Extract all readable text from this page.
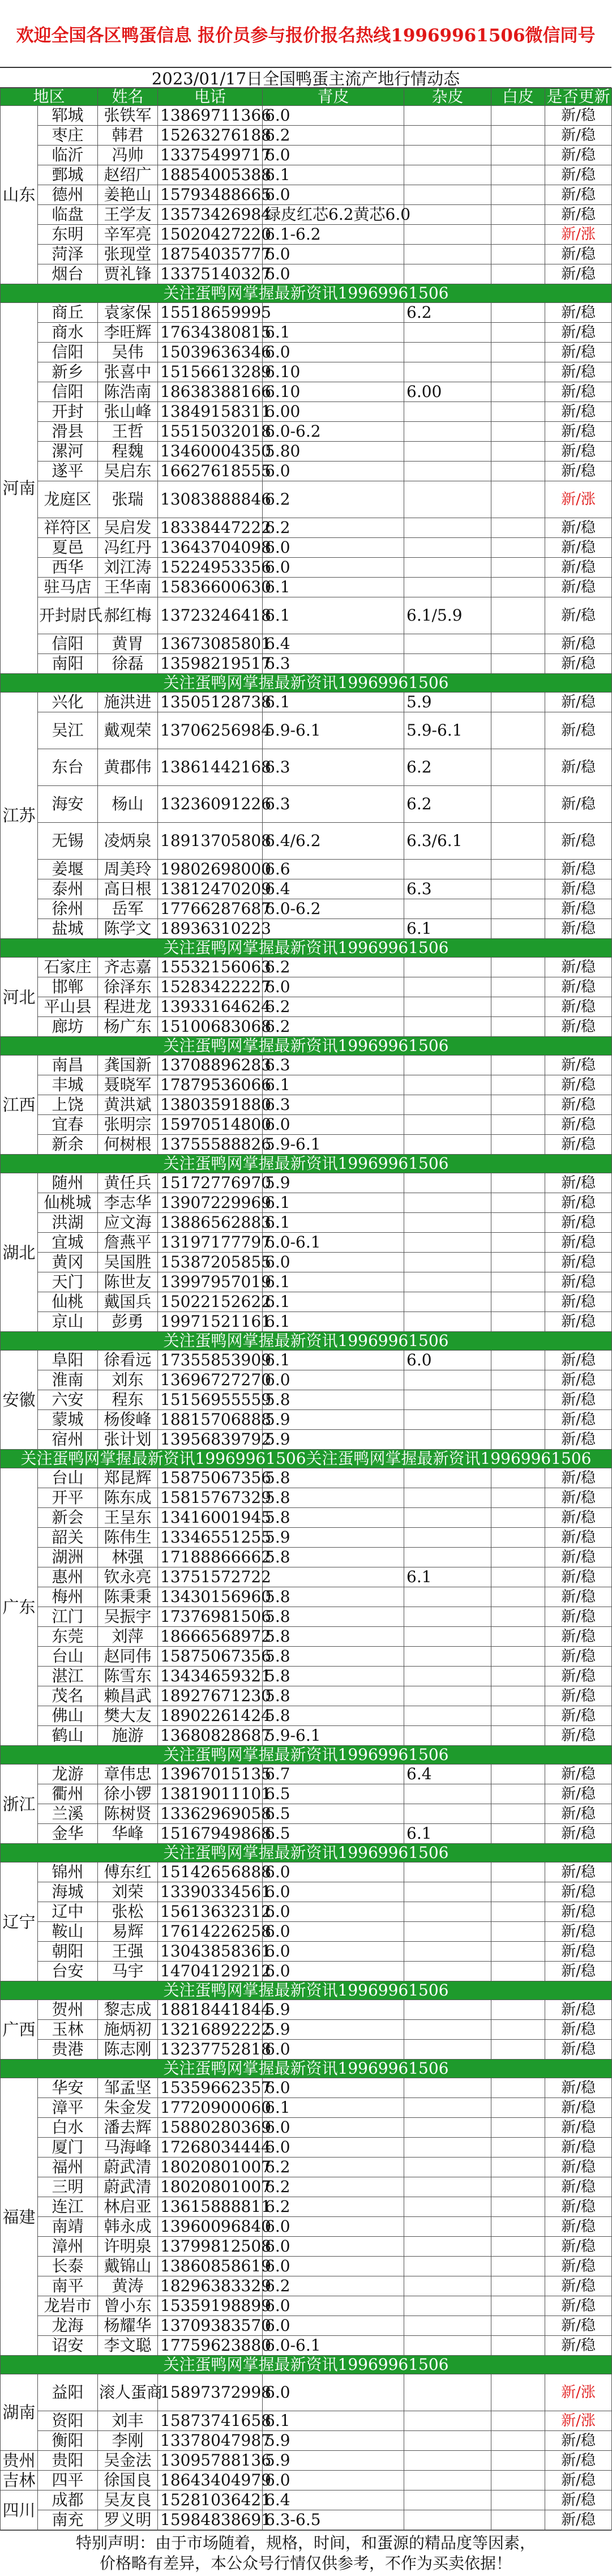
欢迎全国各区鸭蛋信息 报价员参与报价报名热线19969961506微信同号
2023/01/17日全国鸭蛋主流产地行情动态
地区		姓名	电话	青皮	杂皮	白皮	是否更新
山东	郓城	张铁军	13869711366	6.0			新/稳
	枣庄	韩君	15263276188	6.2			新/稳
	临沂	冯帅	13375499717	6.0			新/稳
	鄄城	赵绍广	18854005388	6.1			新/稳
	德州	姜艳山	15793488665	6.0			新/稳
	临盘	王学友	13573426984	绿皮红芯6.2黄芯6.0			新/稳
	东明	辛军亮	15020427220	6.1-6.2			新/涨
	菏泽	张现堂	18754035777	6.0			新/稳
	烟台	贾礼锋	13375140327	6.0			新/稳
关注蛋鸭网掌握最新资讯19969961506							
河南	商丘	袁家保	15518659995		6.2		新/稳
	商水	李旺辉	17634380815	6.1			新/稳
	信阳	吴伟	15039636346	6.0			新/稳
	新乡	张喜中	15156613289	6.10			新/稳
	信阳	陈浩南	18638388166	6.10	6.00		新/稳
	开封	张山峰	13849158311	6.00			新/稳
	滑县	王哲	15515032018	6.0-6.2			新/稳
	漯河	程魏	13460004350	5.80			新/稳
	遂平	吴启东	16627618555	6.0			新/稳
	龙庭区	张瑞	13083888846	6.2			新/涨
	祥符区	吴启发	18338447222	6.2			新/稳
	夏邑	冯红丹	13643704098	6.0			新/稳
	西华	刘江涛	15224953356	6.0			新/稳
	驻马店	王华南	15836600630	6.1			新/稳
	开封尉氏	郝红梅	13723246418	6.1	6.1/5.9		新/稳
	信阳	黄胃	13673085801	6.4			新/稳
	南阳	徐磊	13598219517	6.3			新/稳
关注蛋鸭网掌握最新资讯19969961506							
江苏	兴化	施洪进	13505128738	6.1	5.9		新/稳
	吴江	戴观荣	13706256984	5.9-6.1	5.9-6.1		新/稳
	东台	黄郡伟	13861442168	6.3	6.2		新/稳
	海安	杨山	13236091226	6.3	6.2		新/稳
	无锡	凌炳泉	18913705808	6.4/6.2	6.3/6.1		新/稳
	姜堰	周美玲	19802698000	6.6			新/稳
	泰州	高日根	13812470209	6.4	6.3		新/稳
	徐州	岳军	17766287687	6.0-6.2			新/稳
	盐城	陈学文	18936310223		6.1		新/稳
关注蛋鸭网掌握最新资讯19969961506							
河北	石家庄	齐志嘉	15532156063	6.2			新/稳
	邯郸	徐泽东	15283422227	6.0			新/稳
	平山县	程进龙	13933164624	6.2			新/稳
	廊坊	杨广东	15100683068	6.2			新/稳
关注蛋鸭网掌握最新资讯19969961506							
江西	南昌	龚国新	13708896283	6.3			新/稳
	丰城	聂晓军	17879536066	6.1			新/稳
	上饶	黄洪斌	13803591880	6.3			新/稳
	宜春	张明宗	15970514800	6.0			新/稳
	新余	何树根	13755588826	5.9-6.1			新/稳
关注蛋鸭网掌握最新资讯19969961506							
湖北	随州	黄任兵	15172776970	5.9			新/稳
	仙桃城	李志华	13907229969	6.1			新/稳
	洪湖	应文海	13886562883	6.1			新/稳
	宜城	詹燕平	13197177797	6.0-6.1			新/稳
	黄冈	吴国胜	15387205855	6.0			新/稳
	天门	陈世友	13997957019	6.1			新/稳
	仙桃	戴国兵	15022152622	6.1			新/稳
	京山	彭勇	19971521161	6.1			新/稳
关注蛋鸭网掌握最新资讯19969961506							
安徽	阜阳	徐看远	17355853909	6.1	6.0		新/稳
	淮南	刘东	13696727270	6.0			新/稳
	六安	程东	15156955559	5.8			新/稳
	蒙城	杨俊峰	18815706888	5.9			新/稳
	宿州	张计划	13956839792	5.9			新/稳
关注蛋鸭网掌握最新资讯19969961506关注蛋鸭网掌握最新资讯19969961506							
广东	台山	郑昆辉	15875067356	5.8			新/稳
	开平	陈东成	15815767329	5.8			新/稳
	新会	王呈东	13416001945	5.8			新/稳
	韶关	陈伟生	13346551255	5.9			新/稳
	湖洲	林强	17188866662	5.8			新/稳
	惠州	钦永亮	13751572722		6.1		新/稳
	梅州	陈秉秉	13430156960	5.8			新/稳
	江门	吴振宇	17376981506	5.8			新/稳
	东莞	刘萍	18666568972	5.8			新/稳
	台山	赵同伟	15875067356	5.8			新/稳
	湛江	陈雪东	13434659321	5.8			新/稳
	茂名	赖昌武	18927671230	5.8			新/稳
	佛山	樊大友	18902261424	5.8			新/稳
	鹤山	施游	13680828687	5.9-6.1			新/稳
关注蛋鸭网掌握最新资讯19969961506							
浙江	龙游	章伟忠	13967015135	6.7	6.4		新/稳
	衢州	徐小锣	13819011101	6.5			新/稳
	兰溪	陈树贤	13362969058	6.5			新/稳
	金华	华峰	15167949868	6.5	6.1		新/稳
关注蛋鸭网掌握最新资讯19969961506							
辽宁	锦州	傅东红	15142656888	6.0			新/稳
	海城	刘荣	13390334561	6.0			新/稳
	辽中	张松	15613632312	6.0			新/稳
	鞍山	易辉	17614226258	6.0			新/稳
	朝阳	王强	13043858361	6.0			新/稳
	台安	马宇	14704129212	6.0			新/稳
关注蛋鸭网掌握最新资讯19969961506							
广西	贺州	黎志成	18818441844	5.9			新/稳
	玉林	施炳初	13216892222	5.9			新/稳
	贵港	陈志刚	13237752818	6.0			新/稳
关注蛋鸭网掌握最新资讯19969961506							
福建	华安	邹孟坚	15359662357	6.0			新/稳
	漳平	朱金发	17720900060	6.1			新/稳
	白水	潘去辉	15880280369	6.0			新/稳
	厦门	马海峰	17268034444	6.0			新/稳
	福州	蔚武清	18020801007	6.2			新/稳
	三明	蔚武清	18020801007	6.2			新/稳
	连江	林启亚	13615888811	6.2			新/稳
	南靖	韩永成	13960096840	6.0			新/稳
	漳州	许明泉	13799812508	6.0			新/稳
	长泰	戴锦山	13860858619	6.0			新/稳
	南平	黄涛	18296383329	6.2			新/稳
	龙岩市	曾小东	15359198899	6.0			新/稳
	龙海	杨耀华	13709383570	6.0			新/稳
	诏安	李文聪	17759623880	6.0-6.1			新/稳
关注蛋鸭网掌握最新资讯19969961506							
湖南	益阳	滚人蛋商	15897372998	6.0			新/涨
	资阳	刘丰	15873741658	6.1			新/涨
	衡阳	李刚	13378047987	5.9			新/稳
贵州	贵阳	吴金法	13095788136	5.9			新/稳
吉林	四平	徐国良	18643404979	6.0			新/稳
四川	成都	吴友良	15281036421	6.4			新/稳
	南充	罗义明	15984838691	6.3-6.5			新/稳
特别声明：由于市场随着，规格，时间，和蛋源的精品度等因素，
价格略有差异，本公众号行情仅供参考，不作为买卖依据！
